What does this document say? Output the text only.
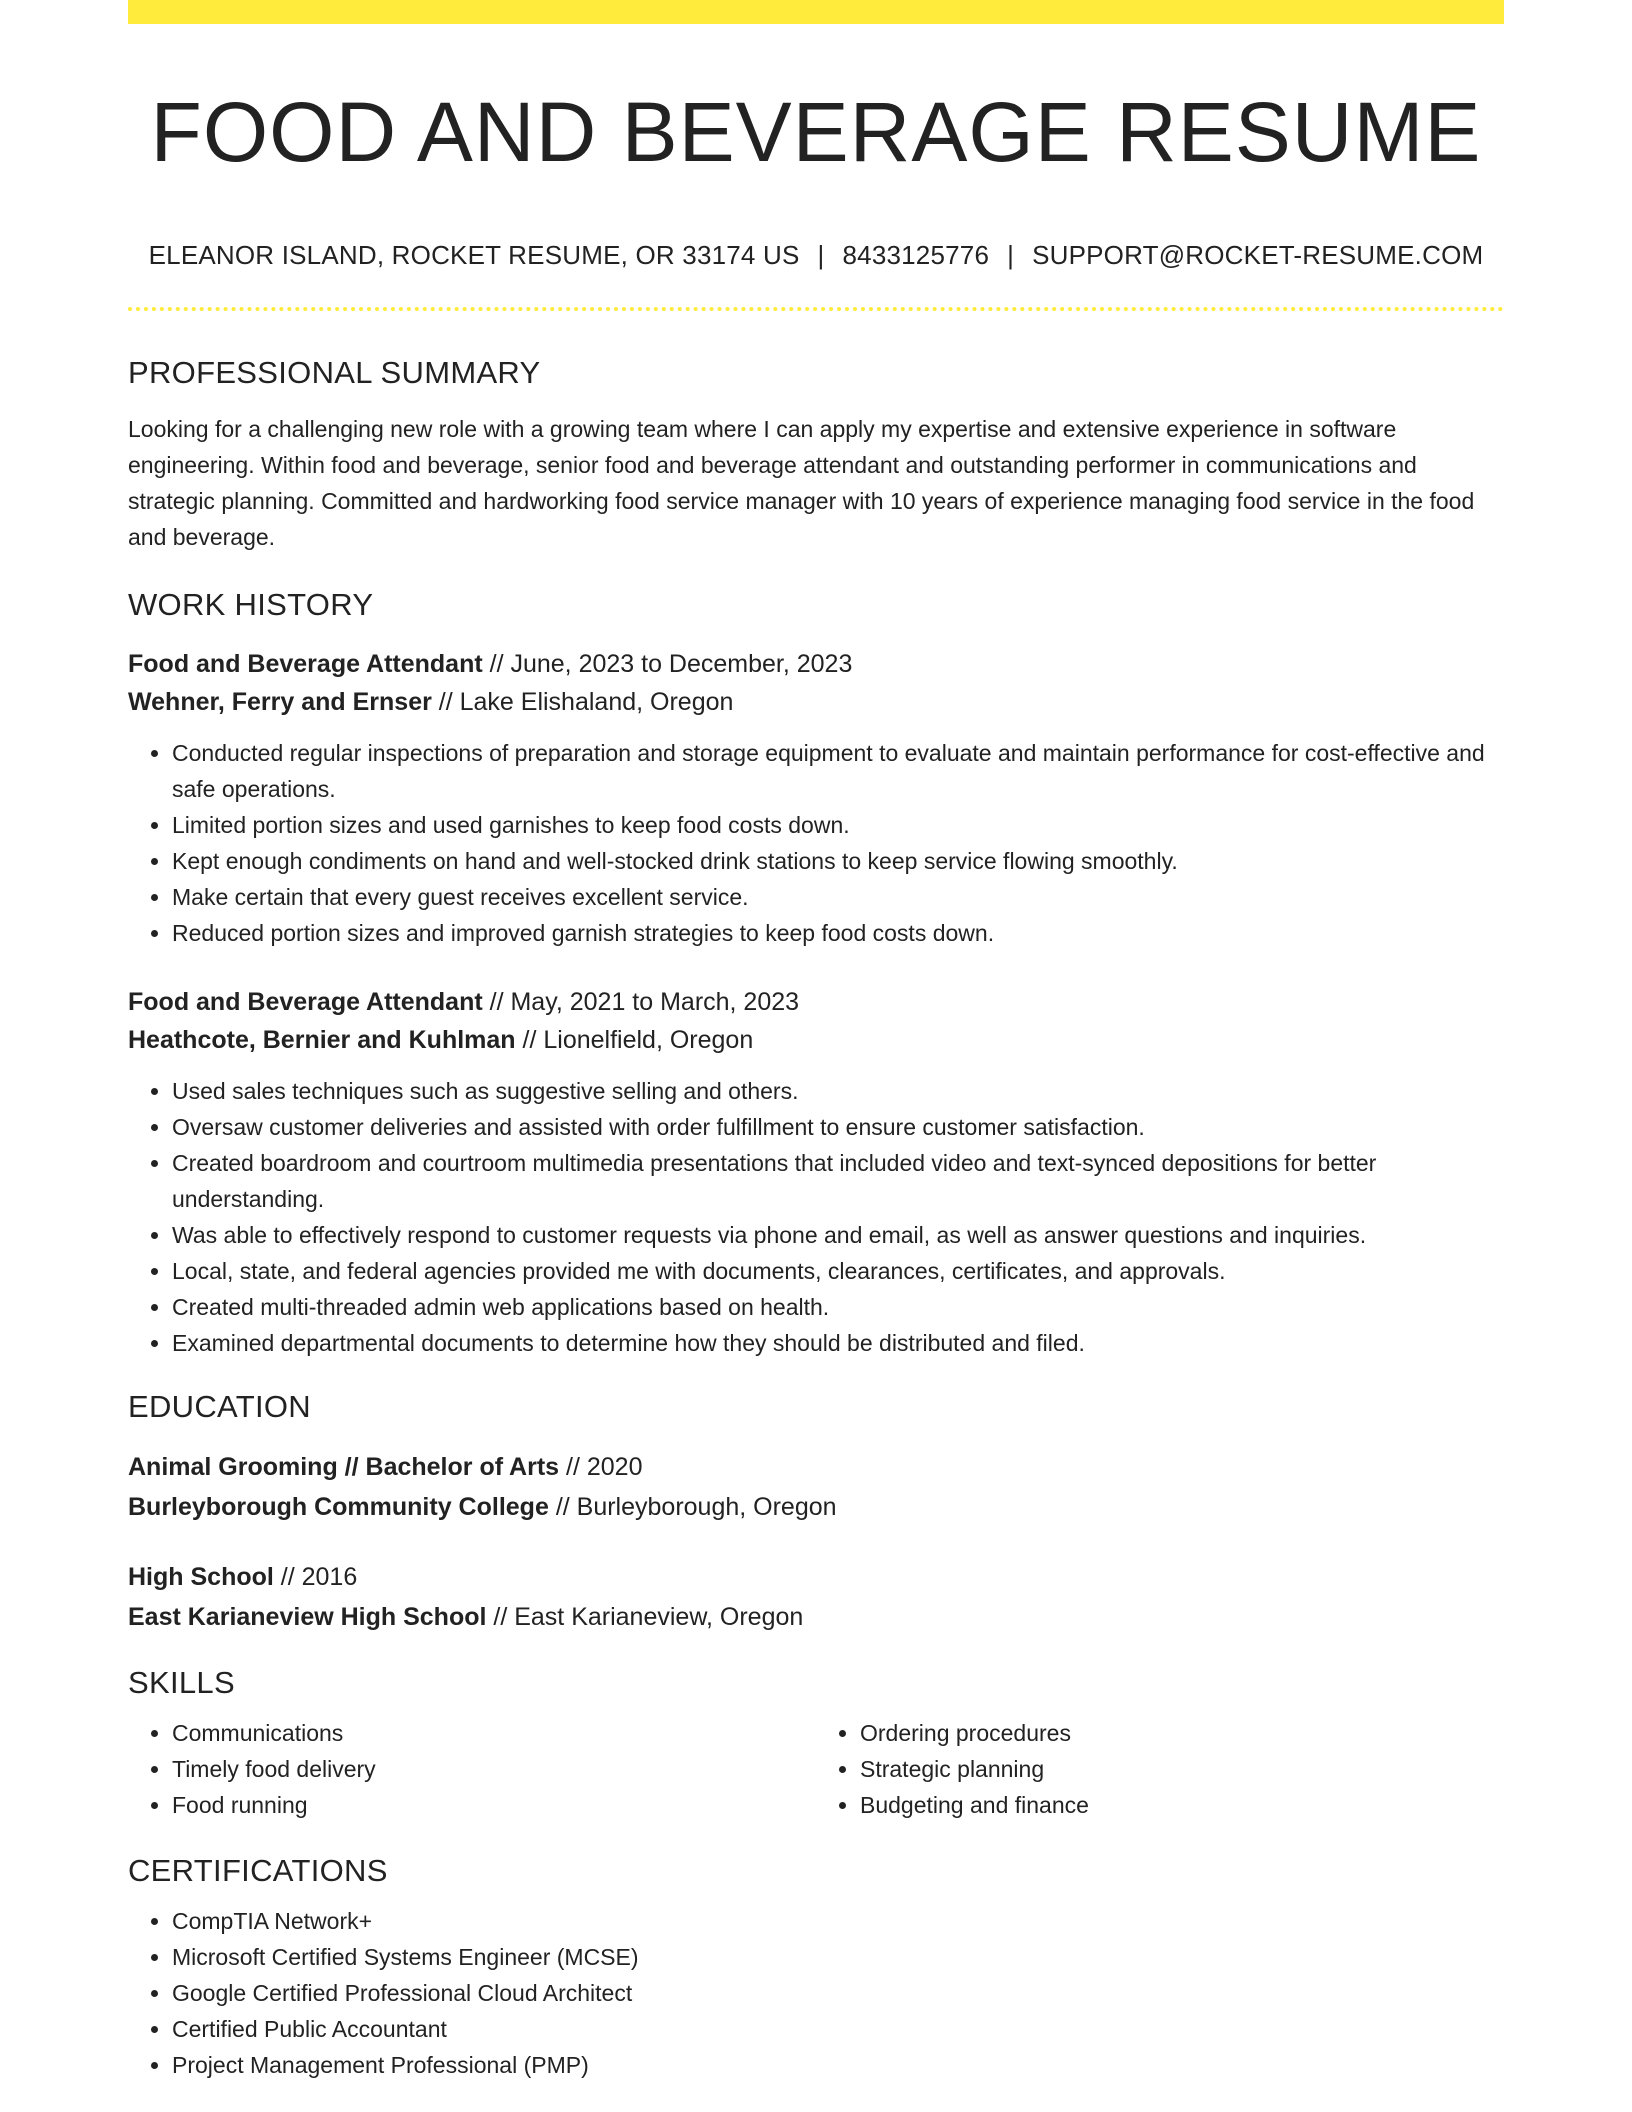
FOOD AND BEVERAGE RESUME
ELEANOR ISLAND, ROCKET RESUME, OR 33174 US | 8433125776 | SUPPORT@ROCKET-RESUME.COM
PROFESSIONAL SUMMARY
Looking for a challenging new role with a growing team where I can apply my expertise and extensive experience in software engineering. Within food and beverage, senior food and beverage attendant and outstanding performer in communications and strategic planning. Committed and hardworking food service manager with 10 years of experience managing food service in the food and beverage.
WORK HISTORY
Food and Beverage Attendant // June, 2023 to December, 2023
Wehner, Ferry and Ernser // Lake Elishaland, Oregon
• Conducted regular inspections of preparation and storage equipment to evaluate and maintain performance for cost-effective and safe operations.
• Limited portion sizes and used garnishes to keep food costs down.
• Kept enough condiments on hand and well-stocked drink stations to keep service flowing smoothly.
• Make certain that every guest receives excellent service.
• Reduced portion sizes and improved garnish strategies to keep food costs down.
Food and Beverage Attendant // May, 2021 to March, 2023
Heathcote, Bernier and Kuhlman // Lionelfield, Oregon
• Used sales techniques such as suggestive selling and others.
• Oversaw customer deliveries and assisted with order fulfillment to ensure customer satisfaction.
• Created boardroom and courtroom multimedia presentations that included video and text-synced depositions for better understanding.
• Was able to effectively respond to customer requests via phone and email, as well as answer questions and inquiries.
• Local, state, and federal agencies provided me with documents, clearances, certificates, and approvals.
• Created multi-threaded admin web applications based on health.
• Examined departmental documents to determine how they should be distributed and filed.
EDUCATION
Animal Grooming // Bachelor of Arts // 2020
Burleyborough Community College // Burleyborough, Oregon
High School // 2016
East Karianeview High School // East Karianeview, Oregon
SKILLS
• Communications
• Timely food delivery
• Food running
• Ordering procedures
• Strategic planning
• Budgeting and finance
CERTIFICATIONS
• CompTIA Network+
• Microsoft Certified Systems Engineer (MCSE)
• Google Certified Professional Cloud Architect
• Certified Public Accountant
• Project Management Professional (PMP)
